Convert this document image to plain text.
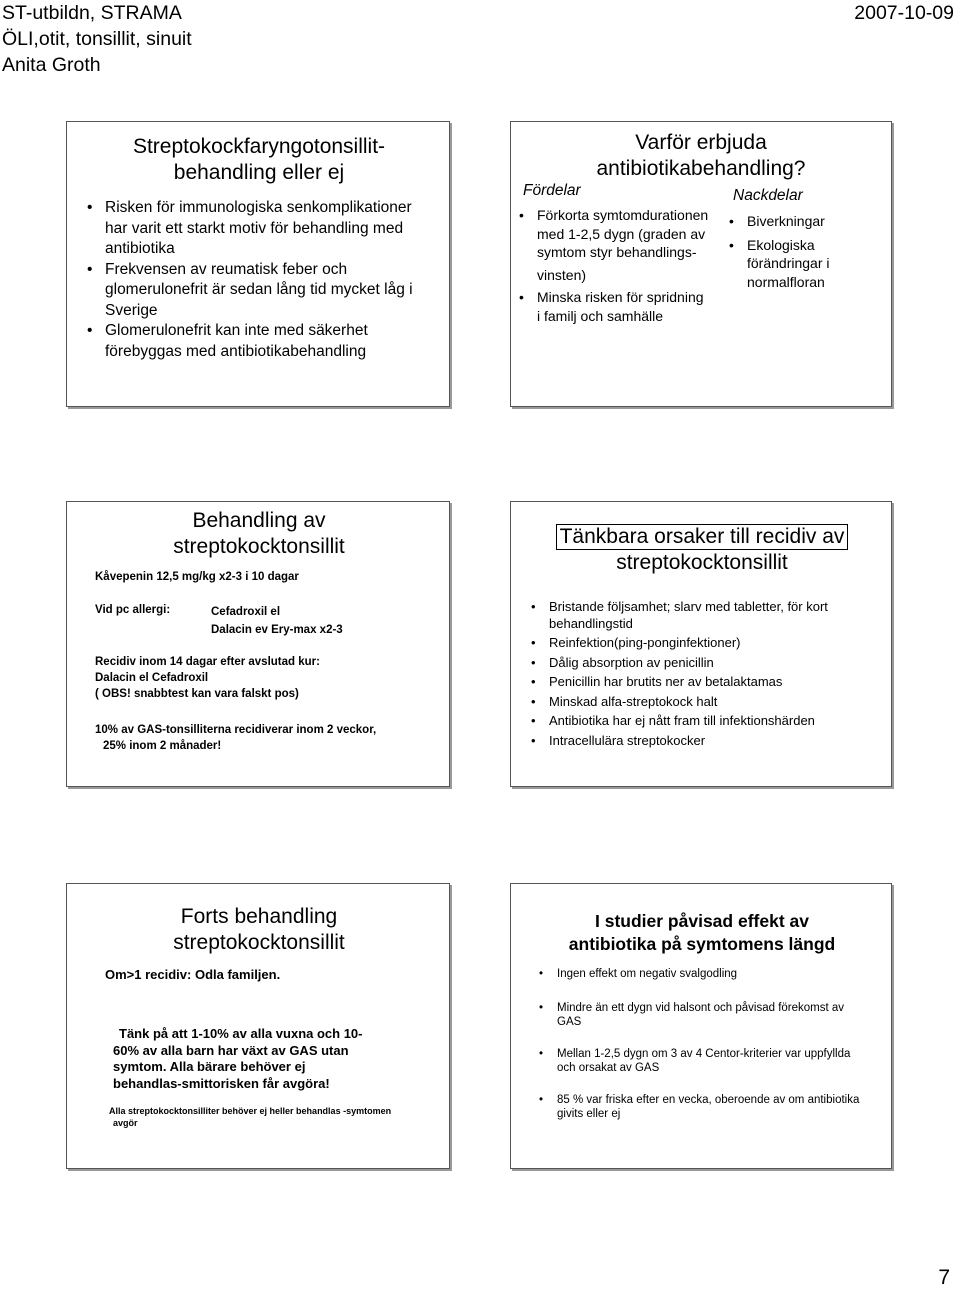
ST-utbildn, STRAMA
ÖLI,otit, tonsillit, sinuit
Anita Groth
2007-10-09
Streptokockfaryngotonsillit-
behandling eller ej
• Risken för immunologiska senkomplikationer har varit ett starkt motiv för behandling med antibiotika
• Frekvensen av reumatisk feber och glomerulonefrit är sedan lång tid mycket låg i Sverige
• Glomerulonefrit kan inte med säkerhet förebyggas med antibiotikabehandling
Varför erbjuda
antibiotikabehandling?
Fördelar	Nackdelar
• Förkorta symtomdurationen med 1-2,5 dygn (graden av symtom styr behandlings-
vinsten)
• Minska risken för spridning i familj och samhälle
• Biverkningar
• Ekologiska förändringar i normalfloran
Behandling av
streptokocktonsillit
Kåvepenin 12,5 mg/kg x2-3 i 10 dagar
Vid pc allergi:	Cefadroxil el
Dalacin ev Ery-max x2-3
Recidiv inom 14 dagar efter avslutad kur:
Dalacin el Cefadroxil
( OBS! snabbtest kan vara falskt pos)
10% av GAS-tonsilliterna recidiverar inom 2 veckor,
25% inom 2 månader!
Tänkbara orsaker till recidiv av
streptokocktonsillit
• Bristande följsamhet; slarv med tabletter, för kort behandlingstid
• Reinfektion(ping-ponginfektioner)
• Dålig absorption av penicillin
• Penicillin har brutits ner av betalaktamas
• Minskad alfa-streptokock halt
• Antibiotika har ej nått fram till infektionshärden
• Intracellulära streptokocker
Forts behandling
streptokocktonsillit
Om>1 recidiv: Odla familjen.
Tänk på att 1-10% av alla vuxna och 10-
60% av alla barn har växt av GAS utan
symtom. Alla bärare behöver ej
behandlas-smittorisken får avgöra!
Alla streptokocktonsilliter behöver ej heller behandlas -symtomen
avgör
I studier påvisad effekt av
antibiotika på symtomens längd
• Ingen effekt om negativ svalgodling
• Mindre än ett dygn vid halsont och påvisad förekomst av GAS
• Mellan 1-2,5 dygn om 3 av 4 Centor-kriterier var uppfyllda och orsakat av GAS
• 85 % var friska efter en vecka, oberoende av om antibiotika givits eller ej
7
